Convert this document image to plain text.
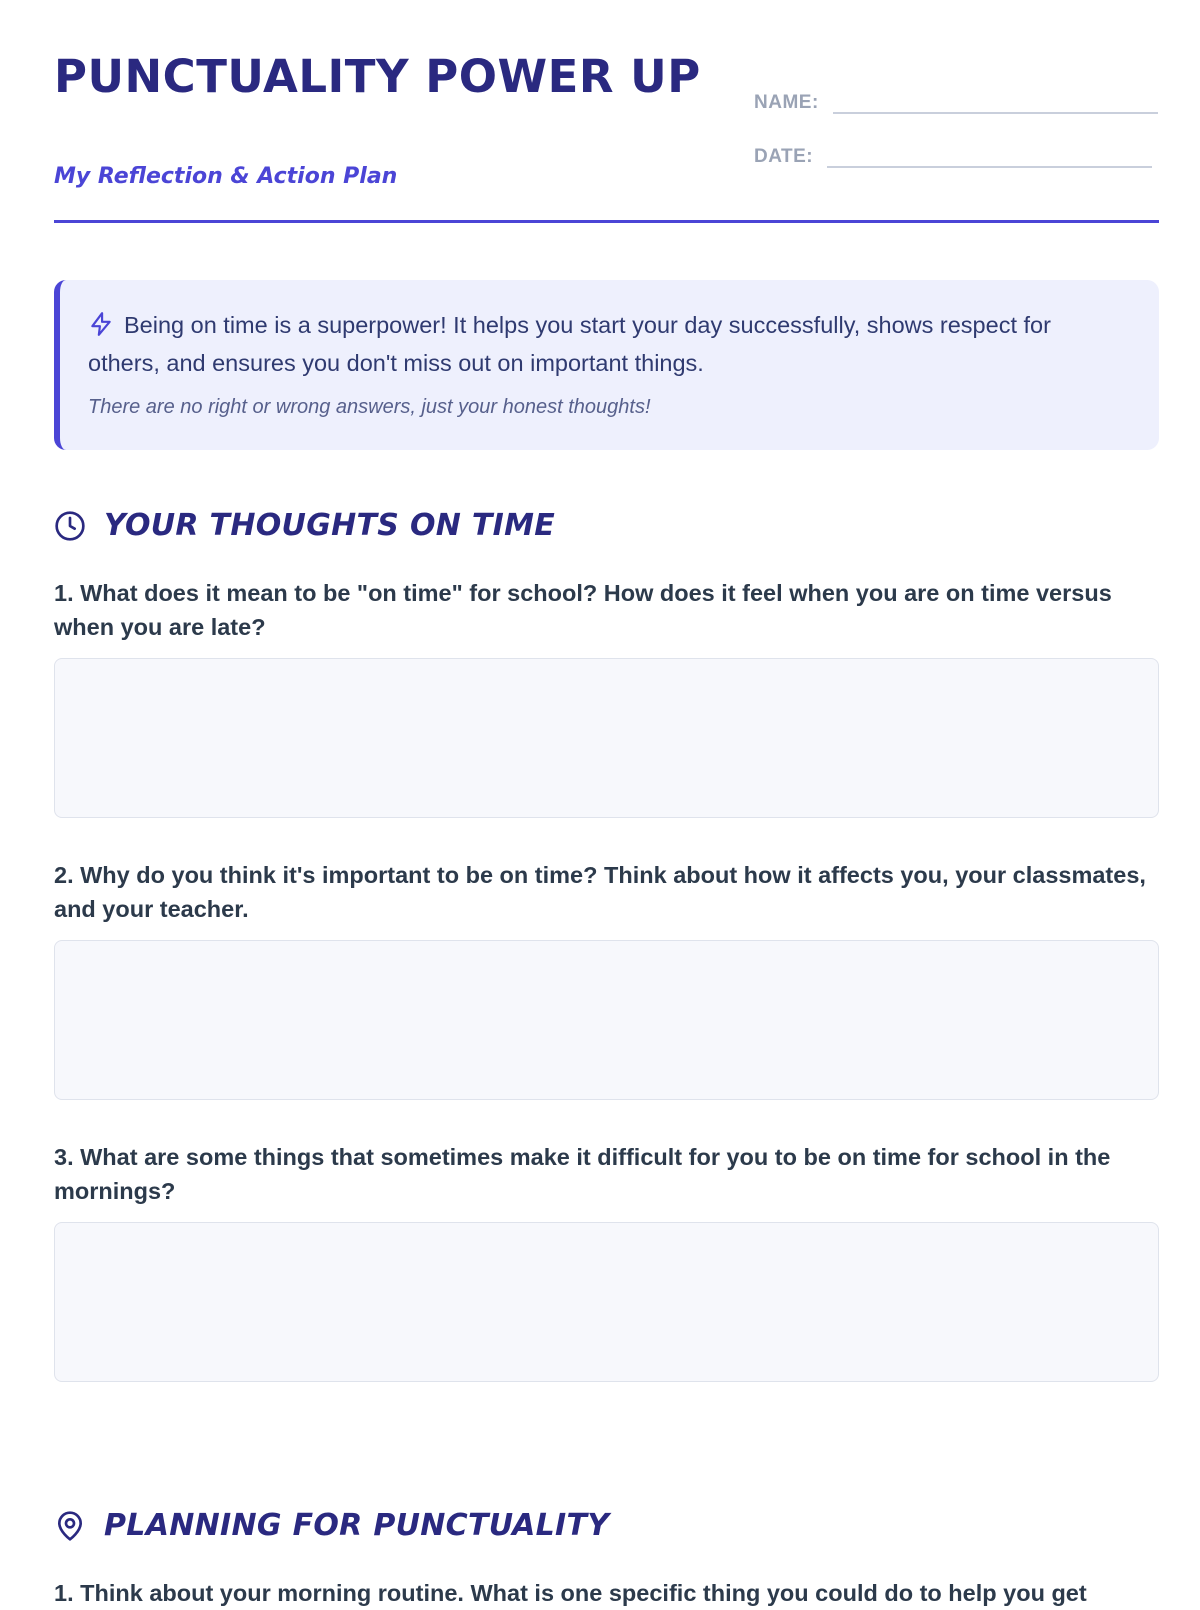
PUNCTUALITY POWER UP

My Reflection & Action Plan

NAME:
DATE:

Being on time is a superpower! It helps you start your day successfully, shows respect for others, and ensures you don't miss out on important things.

There are no right or wrong answers, just your honest thoughts!

YOUR THOUGHTS ON TIME

1. What does it mean to be "on time" for school? How does it feel when you are on time versus when you are late?

2. Why do you think it's important to be on time? Think about how it affects you, your classmates, and your teacher.

3. What are some things that sometimes make it difficult for you to be on time for school in the mornings?

PLANNING FOR PUNCTUALITY

1. Think about your morning routine. What is one specific thing you could do to help you get
